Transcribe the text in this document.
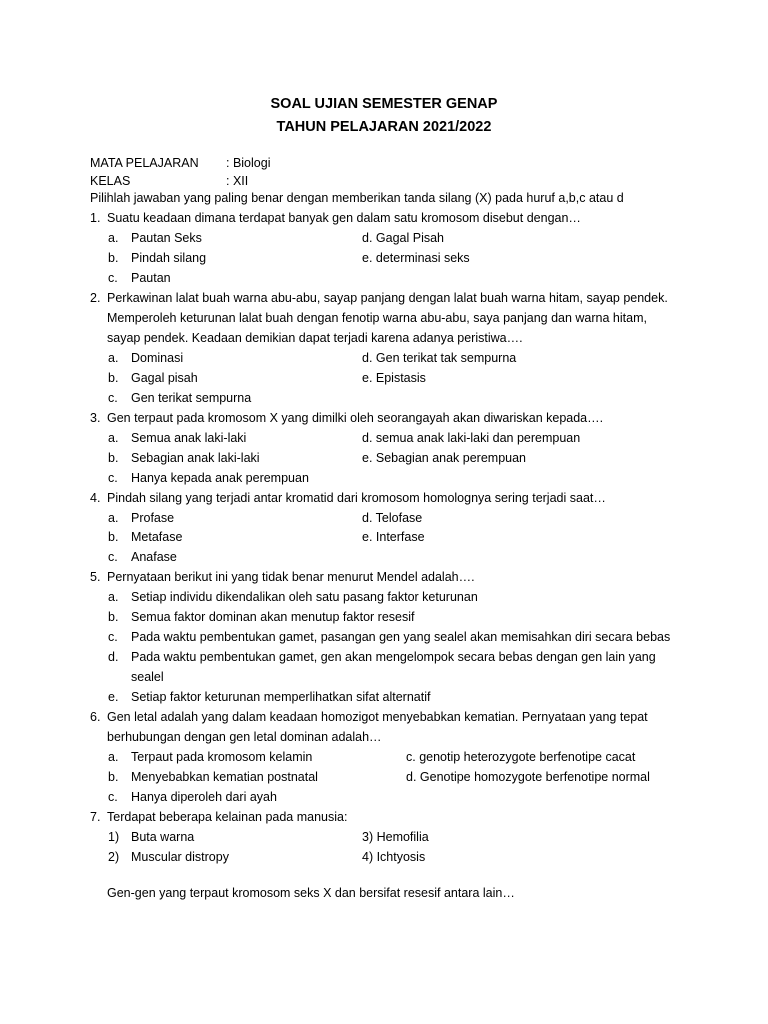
SOAL UJIAN SEMESTER GENAP
TAHUN PELAJARAN 2021/2022
MATA PELAJARAN : Biologi
KELAS	: XII
Pilihlah jawaban yang paling benar dengan memberikan tanda silang (X) pada huruf a,b,c atau d
1. Suatu keadaan dimana terdapat banyak gen dalam satu kromosom disebut dengan…
a. Pautan Seks	d. Gagal Pisah
b. Pindah silang	e. determinasi seks
c. Pautan
2. Perkawinan lalat buah warna abu-abu, sayap panjang dengan lalat buah warna hitam, sayap pendek.
Memperoleh keturunan lalat buah dengan fenotip warna abu-abu, saya panjang dan warna hitam,
sayap pendek. Keadaan demikian dapat terjadi karena adanya peristiwa….
a. Dominasi	d. Gen terikat tak sempurna
b. Gagal pisah	e. Epistasis
c. Gen terikat sempurna
3. Gen terpaut pada kromosom X yang dimilki oleh seorangayah akan diwariskan kepada….
a. Semua anak laki-laki	d. semua anak laki-laki dan perempuan
b. Sebagian anak laki-laki	e. Sebagian anak perempuan
c. Hanya kepada anak perempuan
4. Pindah silang yang terjadi antar kromatid dari kromosom homolognya sering terjadi saat…
a. Profase	d. Telofase
b. Metafase	e. Interfase
c. Anafase
5. Pernyataan berikut ini yang tidak benar menurut Mendel adalah….
a. Setiap individu dikendalikan oleh satu pasang faktor keturunan
b. Semua faktor dominan akan menutup faktor resesif
c. Pada waktu pembentukan gamet, pasangan gen yang sealel akan memisahkan diri secara bebas
d. Pada waktu pembentukan gamet, gen akan mengelompok secara bebas dengan gen lain yang
sealel
e. Setiap faktor keturunan memperlihatkan sifat alternatif
6. Gen letal adalah yang dalam keadaan homozigot menyebabkan kematian. Pernyataan yang tepat
berhubungan dengan gen letal dominan adalah…
a. Terpaut pada kromosom kelamin	c. genotip heterozygote berfenotipe cacat
b. Menyebabkan kematian postnatal	d. Genotipe homozygote berfenotipe normal
c. Hanya diperoleh dari ayah
7. Terdapat beberapa kelainan pada manusia:
1) Buta warna	3) Hemofilia
2) Muscular distropy	4) Ichtyosis
Gen-gen yang terpaut kromosom seks X dan bersifat resesif antara lain…
